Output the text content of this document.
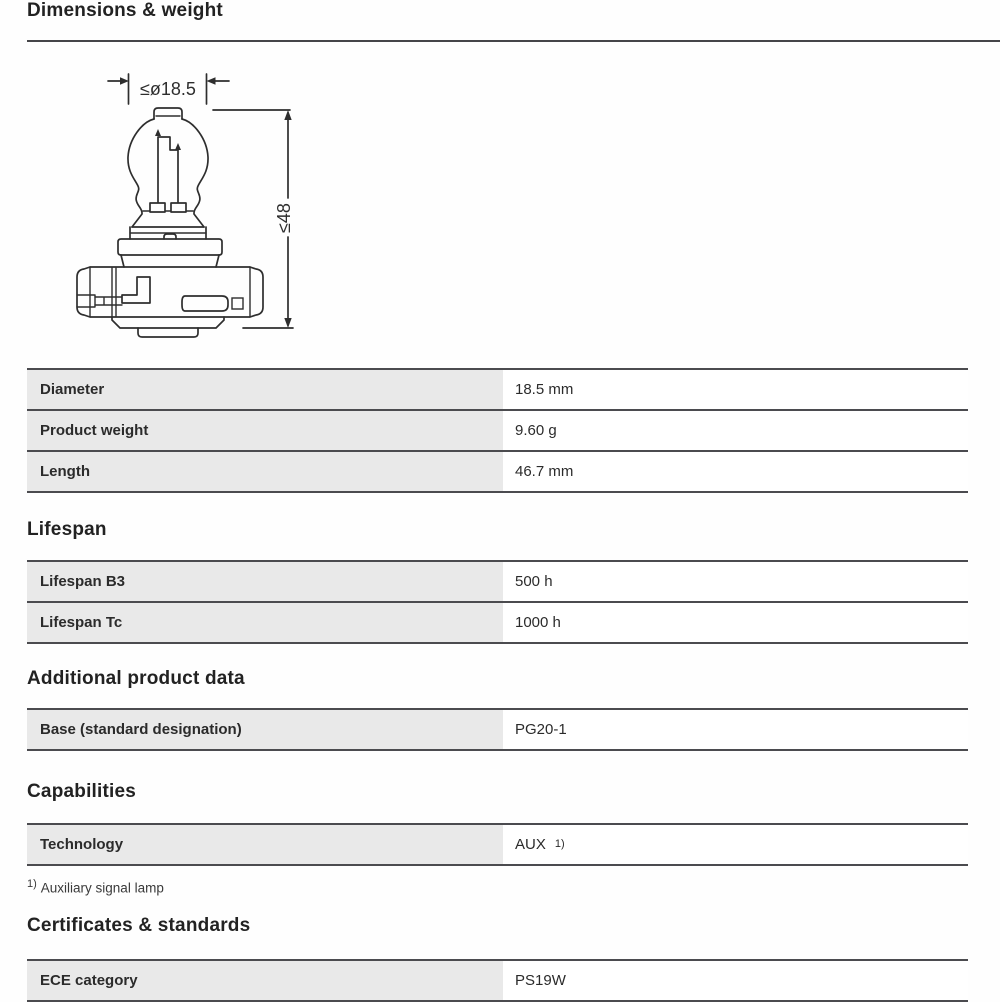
Dimensions & weight
≤ø18.5
≤48
Diameter	18.5 mm
Product weight	9.60 g
Length	46.7 mm
Lifespan
Lifespan B3	500 h
Lifespan Tc	1000 h
Additional product data
Base (standard designation)	PG20-1
Capabilities
Technology	AUX $^{1)}$
$^{1)}$ Auxiliary signal lamp
Certificates & standards
ECE category	PS19W
